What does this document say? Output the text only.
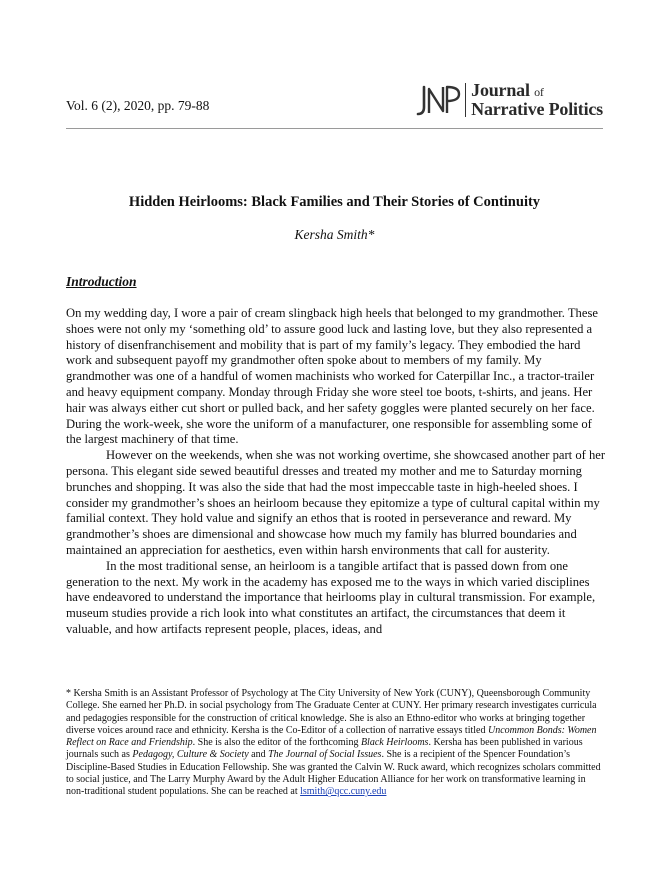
Vol. 6 (2), 2020, pp. 79-88
Journal of
Narrative Politics
Hidden Heirlooms: Black Families and Their Stories of Continuity
Kersha Smith*
Introduction

On my wedding day, I wore a pair of cream slingback high heels that belonged to my grandmother. These shoes were not only my ‘something old’ to assure good luck and lasting love, but they also represented a history of disenfranchisement and mobility that is part of my family’s legacy. They embodied the hard work and subsequent payoff my grandmother often spoke about to members of my family. My grandmother was one of a handful of women machinists who worked for Caterpillar Inc., a tractor-trailer and heavy equipment company. Monday through Friday she wore steel toe boots, t-shirts, and jeans. Her hair was always either cut short or pulled back, and her safety goggles were planted securely on her face. During the work-week, she wore the uniform of a manufacturer, one responsible for assembling some of the largest machinery of that time.

However on the weekends, when she was not working overtime, she showcased another part of her persona. This elegant side sewed beautiful dresses and treated my mother and me to Saturday morning brunches and shopping. It was also the side that had the most impeccable taste in high-heeled shoes. I consider my grandmother’s shoes an heirloom because they epitomize a type of cultural capital within my familial context. They hold value and signify an ethos that is rooted in perseverance and reward. My grandmother’s shoes are dimensional and showcase how much my family has blurred boundaries and maintained an appreciation for aesthetics, even within harsh environments that call for austerity.

In the most traditional sense, an heirloom is a tangible artifact that is passed down from one generation to the next. My work in the academy has exposed me to the ways in which varied disciplines have endeavored to understand the importance that heirlooms play in cultural transmission. For example, museum studies provide a rich look into what constitutes an artifact, the circumstances that deem it valuable, and how artifacts represent people, places, ideas, and

* Kersha Smith is an Assistant Professor of Psychology at The City University of New York (CUNY), Queensborough Community College. She earned her Ph.D. in social psychology from The Graduate Center at CUNY. Her primary research investigates curricula and pedagogies responsible for the construction of critical knowledge. She is also an Ethno-editor who works at bringing together diverse voices around race and ethnicity. Kersha is the Co-Editor of a collection of narrative essays titled Uncommon Bonds: Women Reflect on Race and Friendship. She is also the editor of the forthcoming Black Heirlooms. Kersha has been published in various journals such as Pedagogy, Culture & Society and The Journal of Social Issues. She is a recipient of the Spencer Foundation’s Discipline-Based Studies in Education Fellowship. She was granted the Calvin W. Ruck award, which recognizes scholars committed to social justice, and The Larry Murphy Award by the Adult Higher Education Alliance for her work on transformative learning in non-traditional student populations. She can be reached at lsmith@qcc.cuny.edu
